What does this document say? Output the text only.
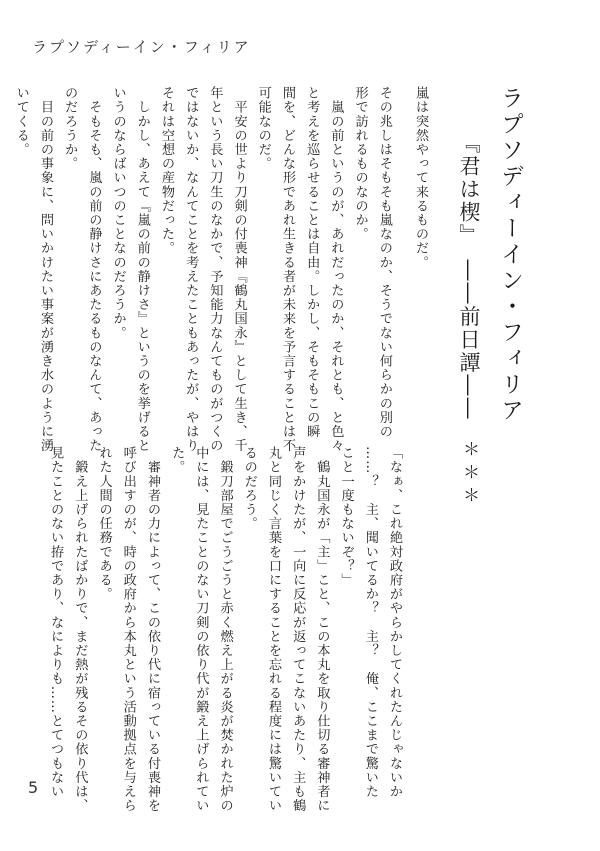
ラプソディーイン・フィリア
ラプソディーイン・フィリア
『君は楔』　――前日譚――
嵐は突然やって来るものだ。
その兆しはそもそも嵐なのか、そうでない何らかの別の
形で訪れるものなのか。
　嵐の前というのが、あれだったのか、それとも、と色々
と考えを巡らせることは自由。しかし、そもそもこの瞬
間を、どんな形であれ生きる者が未来を予言することは不
可能なのだ。
　平安の世より刀剣の付喪神『鶴丸国永』として生き、千
年という長い刀生のなかで、予知能力なんてものがつくの
ではないか、なんてことを考えたこともあったが、やはり
それは空想の産物だった。
　しかし、あえて『嵐の前の静けさ』というのを挙げると
いうのならばいつのことなのだろうか。
　そもそも、嵐の前の静けさにあたるものなんて、あった
のだろうか。
　目の前の事象に、問いかけたい事案が湧き水のように湧
いてくる。
＊＊＊
「なぁ、これ絶対政府がやらかしてくれたんじゃないか
……？　主、聞いてるか？　主？　俺、ここまで驚いた
こと一度もないぞ？」
　鶴丸国永が「主」こと、この本丸を取り仕切る審神者に
声をかけたが、一向に反応が返ってこないあたり、主も鶴
丸と同じく言葉を口にすることを忘れる程度には驚いてい
るのだろう。
　鍛刀部屋でごうごうと赤く燃え上がる炎が焚かれた炉の
中には、見たことのない刀剣の依り代が鍛え上げられてい
た。
　審神者の力によって、この依り代に宿っている付喪神を
呼び出すのが、時の政府から本丸という活動拠点を与えら
れた人間の任務である。
　鍛え上げられたばかりで、まだ熱が残るその依り代は、
見たことのない拵であり、なによりも……とてつもない
5
